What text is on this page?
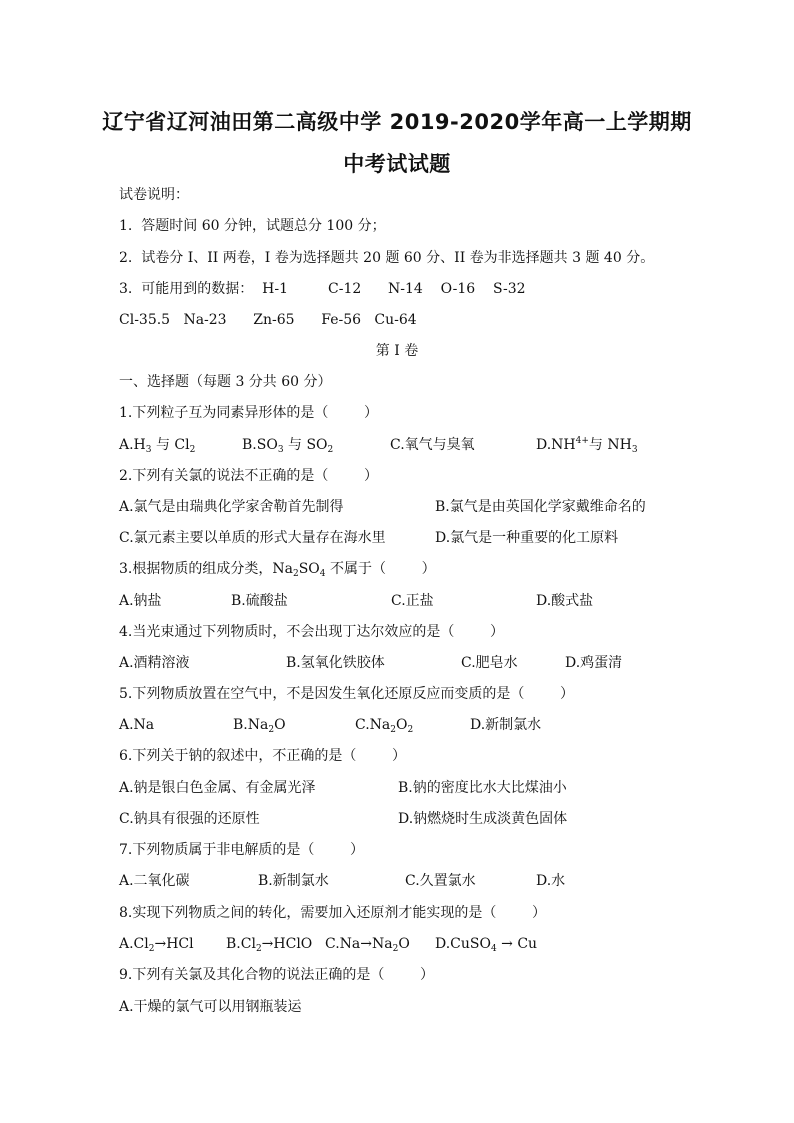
辽宁省辽河油田第二高级中学 2019-2020学年高一上学期期
中考试试题
试卷说明：
1.  答题时间 60 分钟，试题总分 100 分；
2.  试卷分 I、II 两卷，I 卷为选择题共 20 题 60 分、II 卷为非选择题共 3 题 40 分。
3.  可能用到的数据：  H-1         C-12      N-14    O-16    S-32
Cl-35.5   Na-23      Zn-65      Fe-56   Cu-64
第 I 卷
一、选择题（每题 3 分共 60 分）
1.下列粒子互为同素异形体的是（        ）
$A.H_3$ 与 $Cl_2$	$B.SO_3$ 与 $SO_2$	C.氧气与臭氧	$D.NH^{4+}$与 $NH_3$
2.下列有关氯的说法不正确的是（        ）
A.氯气是由瑞典化学家舍勒首先制得	B.氯气是由英国化学家戴维命名的
C.氯元素主要以单质的形式大量存在海水里	D.氯气是一种重要的化工原料
3.根据物质的组成分类，$Na_2SO_4$ 不属于（        ）
A.钠盐	B.硫酸盐	C.正盐	D.酸式盐
4.当光束通过下列物质时，不会出现丁达尔效应的是（        ）
A.酒精溶液	B.氢氧化铁胶体	C.肥皂水	D.鸡蛋清
5.下列物质放置在空气中，不是因发生氧化还原反应而变质的是（        ）
A.Na	$B.Na_2O$	$C.Na_2O_2$	D.新制氯水
6.下列关于钠的叙述中，不正确的是（        ）
A.钠是银白色金属、有金属光泽	B.钠的密度比水大比煤油小
C.钠具有很强的还原性	D.钠燃烧时生成淡黄色固体
7.下列物质属于非电解质的是（        ）
A.二氧化碳	B.新制氯水	C.久置氯水	D.水
8.实现下列物质之间的转化，需要加入还原剂才能实现的是（        ）
$A.Cl_2\to HCl$ $B.Cl_2\to HClO$ $C.Na\to Na_2O$ D.CuSO$_4$ → Cu
9.下列有关氯及其化合物的说法正确的是（        ）
A.干燥的氯气可以用钢瓶装运
